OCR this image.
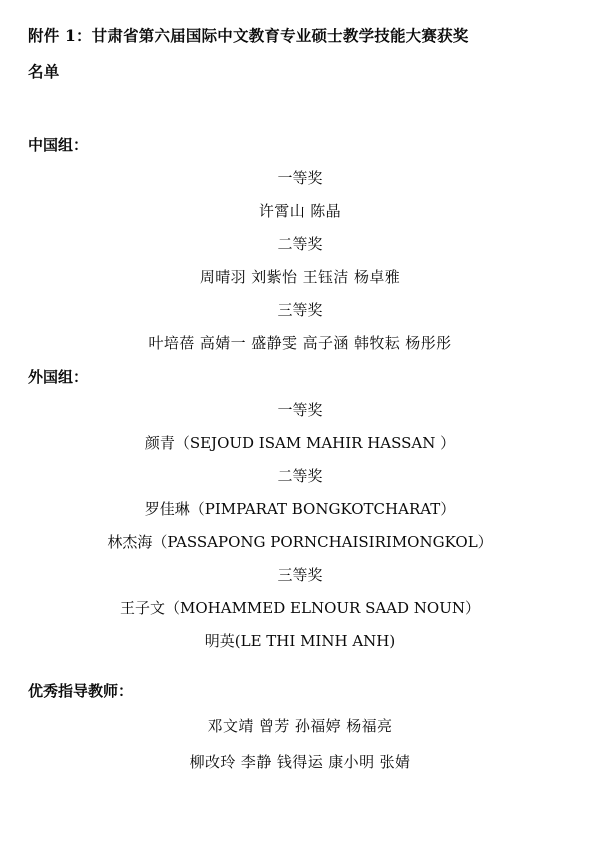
附件 1：甘肃省第六届国际中文教育专业硕士教学技能大赛获奖
名单
中国组：
一等奖
许霄山 陈晶
二等奖
周晴羽 刘紫怡 王钰洁 杨卓雅
三等奖
叶培蓓 高婧一 盛静雯 高子涵 韩牧耘 杨彤彤
外国组：
一等奖
颜青（SEJOUD ISAM MAHIR HASSAN ）
二等奖
罗佳琳（PIMPARAT BONGKOTCHARAT）
林杰海（PASSAPONG PORNCHAISIRIMONGKOL）
三等奖
王子文（MOHAMMED ELNOUR SAAD NOUN）
明英(LE THI MINH ANH)
优秀指导教师：
邓文靖 曾芳 孙福婷 杨福亮
柳改玲 李静 钱得运 康小明 张婧
